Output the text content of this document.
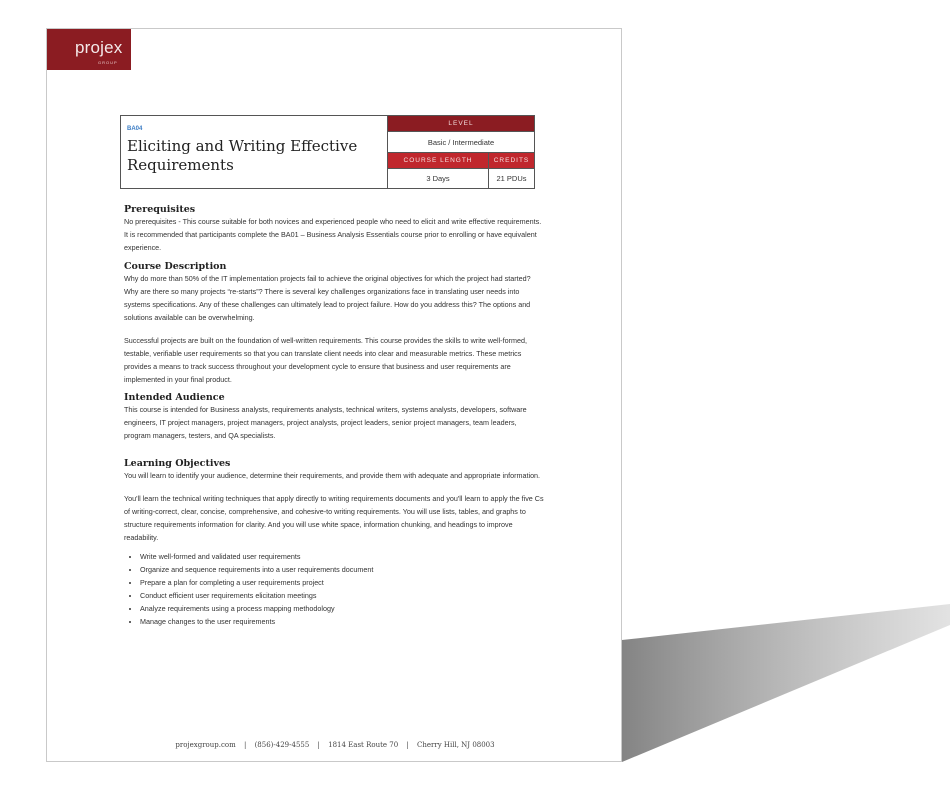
projex
GROUP
BA04
Eliciting and Writing Effective Requirements
LEVEL
Basic / Intermediate
COURSE LENGTH	CREDITS
3 Days	21 PDUs
Prerequisites

No prerequisites - This course suitable for both novices and experienced people who need to elicit and write effective requirements. It is recommended that participants complete the BA01 – Business Analysis Essentials course prior to enrolling or have equivalent experience.

Course Description

Why do more than 50% of the IT implementation projects fail to achieve the original objectives for which the project had started? Why are there so many projects “re-starts”? There is several key challenges organizations face in translating user needs into systems specifications. Any of these challenges can ultimately lead to project failure. How do you address this? The options and solutions available can be overwhelming.

Successful projects are built on the foundation of well-written requirements. This course provides the skills to write well-formed, testable, verifiable user requirements so that you can translate client needs into clear and measurable metrics. These metrics provides a means to track success throughout your development cycle to ensure that business and user requirements are implemented in your final product.

Intended Audience

This course is intended for Business analysts, requirements analysts, technical writers, systems analysts, developers, software engineers, IT project managers, project managers, project analysts, project leaders, senior project managers, team leaders, program managers, testers, and QA specialists.

Learning Objectives

You will learn to identify your audience, determine their requirements, and provide them with adequate and appropriate information.

You'll learn the technical writing techniques that apply directly to writing requirements documents and you'll learn to apply the five Cs of writing-correct, clear, concise, comprehensive, and cohesive-to writing requirements. You will use lists, tables, and graphs to structure requirements information for clarity. And you will use white space, information chunking, and headings to improve readability.

• Write well-formed and validated user requirements
• Organize and sequence requirements into a user requirements document
• Prepare a plan for completing a user requirements project
• Conduct efficient user requirements elicitation meetings
• Analyze requirements using a process mapping methodology
• Manage changes to the user requirements
projexgroup.com | (856)-429-4555 | 1814 East Route 70 | Cherry Hill, NJ 08003
